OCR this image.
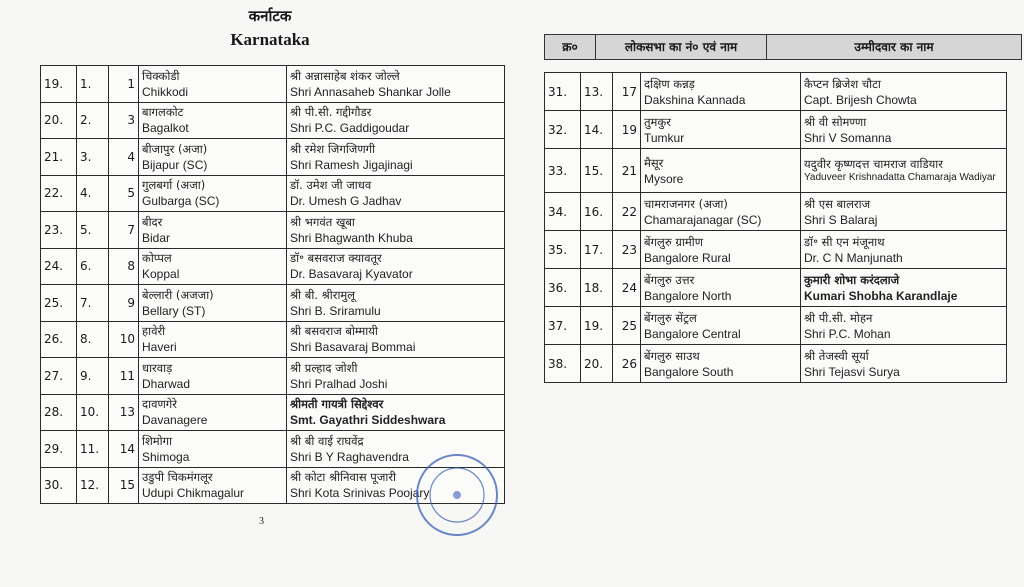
कर्नाटक
Karnataka
19.	1.	1	चिक्कोडी
Chikkodi	श्री अन्नासाहेब शंकर जोल्ले
Shri Annasaheb Shankar Jolle

20.	2.	3	बागलकोट
Bagalkot	श्री पी.सी. गद्दीगौडर
Shri P.C. Gaddigoudar

21.	3.	4	बीजापुर (अजा)
Bijapur (SC)	श्री रमेश जिगजिणगी
Shri Ramesh Jigajinagi

22.	4.	5	गुलबर्गा (अजा)
Gulbarga (SC)	डॉ. उमेश जी जाधव
Dr. Umesh G Jadhav

23.	5.	7	बीदर
Bidar	श्री भगवंत खूबा
Shri Bhagwanth Khuba

24.	6.	8	कोप्पल
Koppal	डॉ॰ बसवराज क्यावतूर
Dr. Basavaraj Kyavator

25.	7.	9	बेल्लारी (अजजा)
Bellary (ST)	श्री बी. श्रीरामुलू
Shri B. Sriramulu

26.	8.	10	हावेरी
Haveri	श्री बसवराज बोम्मायी
Shri Basavaraj Bommai

27.	9.	11	धारवाड़
Dharwad	श्री प्रल्हाद जोशी
Shri Pralhad Joshi

28.	10.	13	दावणगेरे
Davanagere	श्रीमती गायत्री सिद्देश्वर
Smt. Gayathri Siddeshwara

29.	11.	14	शिमोगा
Shimoga	श्री बी वाई राघवेंद्र
Shri B Y Raghavendra

30.	12.	15	उडुपी चिकमंगलूर
Udupi Chikmagalur	श्री कोटा श्रीनिवास पूजारी
Shri Kota Srinivas Poojary
क्र०	लोकसभा का नं० एवं नाम	उम्मीदवार का नाम
31.	13.	17	दक्षिण कन्नड़
Dakshina Kannada	कैप्टन ब्रिजेश चौटा
Capt. Brijesh Chowta

32.	14.	19	तुमकुर
Tumkur	श्री वी सोमण्णा
Shri V Somanna

33.	15.	21	मैसूर
Mysore	यदुवीर कृष्णदत्त चामराज वाडियार
Yaduveer Krishnadatta Chamaraja Wadiyar

34.	16.	22	चामराजनगर (अजा)
Chamarajanagar (SC)	श्री एस बालराज
Shri S Balaraj

35.	17.	23	बेंगलुरु ग्रामीण
Bangalore Rural	डॉ॰ सी एन मंजूनाथ
Dr. C N Manjunath

36.	18.	24	बेंगलुरु उत्तर
Bangalore North	कुमारी शोभा करंदलाजे
Kumari Shobha Karandlaje

37.	19.	25	बेंगलुरु सेंट्रल
Bangalore Central	श्री पी.सी. मोहन
Shri P.C. Mohan

38.	20.	26	बेंगलुरु साउथ
Bangalore South	श्री तेजस्वी सूर्या
Shri Tejasvi Surya
3
